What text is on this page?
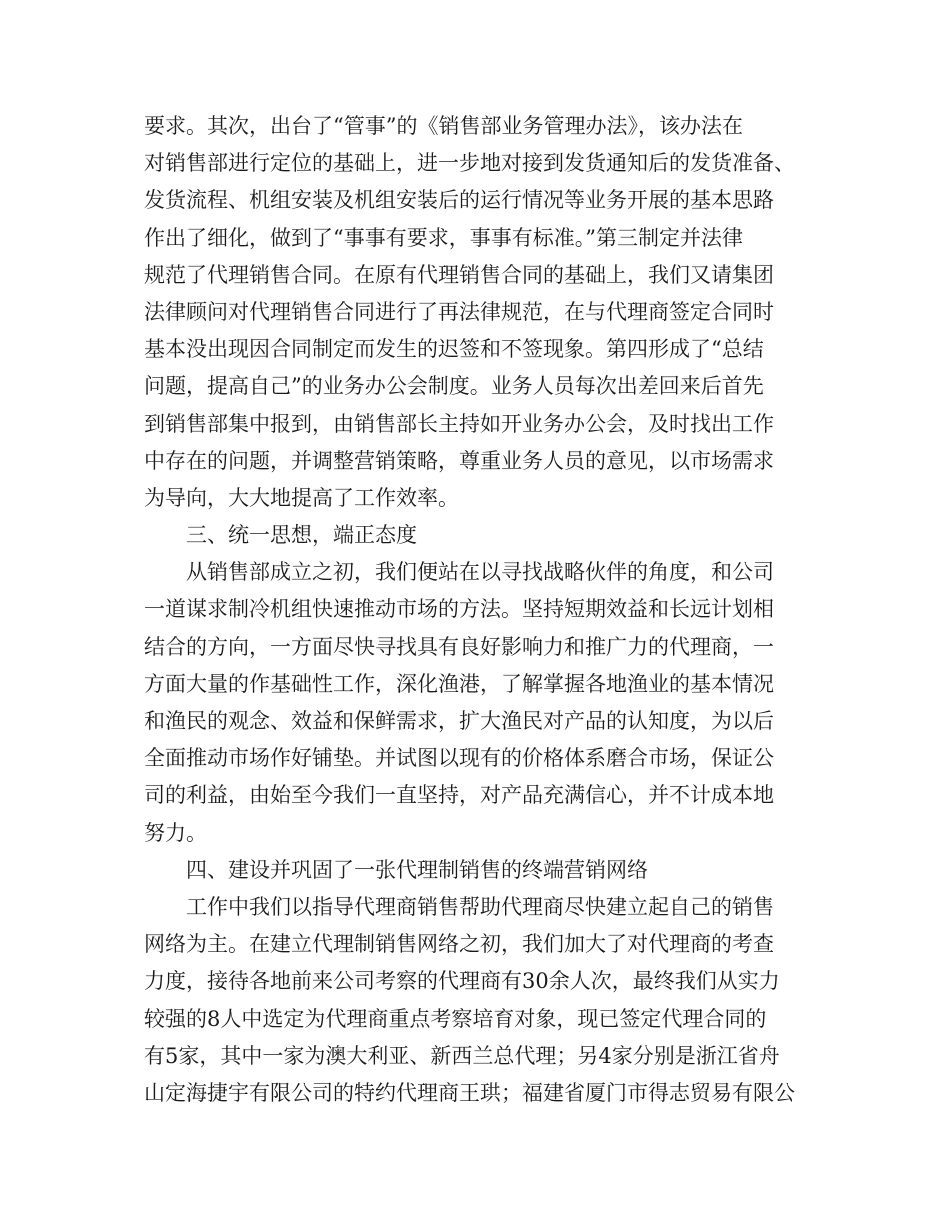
要求。其次，出台了“管事”的《销售部业务管理办法》，该办法在
对销售部进行定位的基础上，进一步地对接到发货通知后的发货准备、
发货流程、机组安装及机组安装后的运行情况等业务开展的基本思路
作出了细化，做到了“事事有要求，事事有标准。”第三制定并法律
规范了代理销售合同。在原有代理销售合同的基础上，我们又请集团
法律顾问对代理销售合同进行了再法律规范，在与代理商签定合同时
基本没出现因合同制定而发生的迟签和不签现象。第四形成了“总结
问题，提高自己”的业务办公会制度。业务人员每次出差回来后首先
到销售部集中报到，由销售部长主持如开业务办公会，及时找出工作
中存在的问题，并调整营销策略，尊重业务人员的意见，以市场需求
为导向，大大地提高了工作效率。
三、统一思想，端正态度
从销售部成立之初，我们便站在以寻找战略伙伴的角度，和公司
一道谋求制冷机组快速推动市场的方法。坚持短期效益和长远计划相
结合的方向，一方面尽快寻找具有良好影响力和推广力的代理商，一
方面大量的作基础性工作，深化渔港，了解掌握各地渔业的基本情况
和渔民的观念、效益和保鲜需求，扩大渔民对产品的认知度，为以后
全面推动市场作好铺垫。并试图以现有的价格体系磨合市场，保证公
司的利益，由始至今我们一直坚持，对产品充满信心，并不计成本地
努力。
四、建设并巩固了一张代理制销售的终端营销网络
工作中我们以指导代理商销售帮助代理商尽快建立起自己的销售
网络为主。在建立代理制销售网络之初，我们加大了对代理商的考查
力度，接待各地前来公司考察的代理商有30余人次，最终我们从实力
较强的8人中选定为代理商重点考察培育对象，现已签定代理合同的
有5家，其中一家为澳大利亚、新西兰总代理；另4家分别是浙江省舟
山定海捷宇有限公司的特约代理商王珙；福建省厦门市得志贸易有限公
